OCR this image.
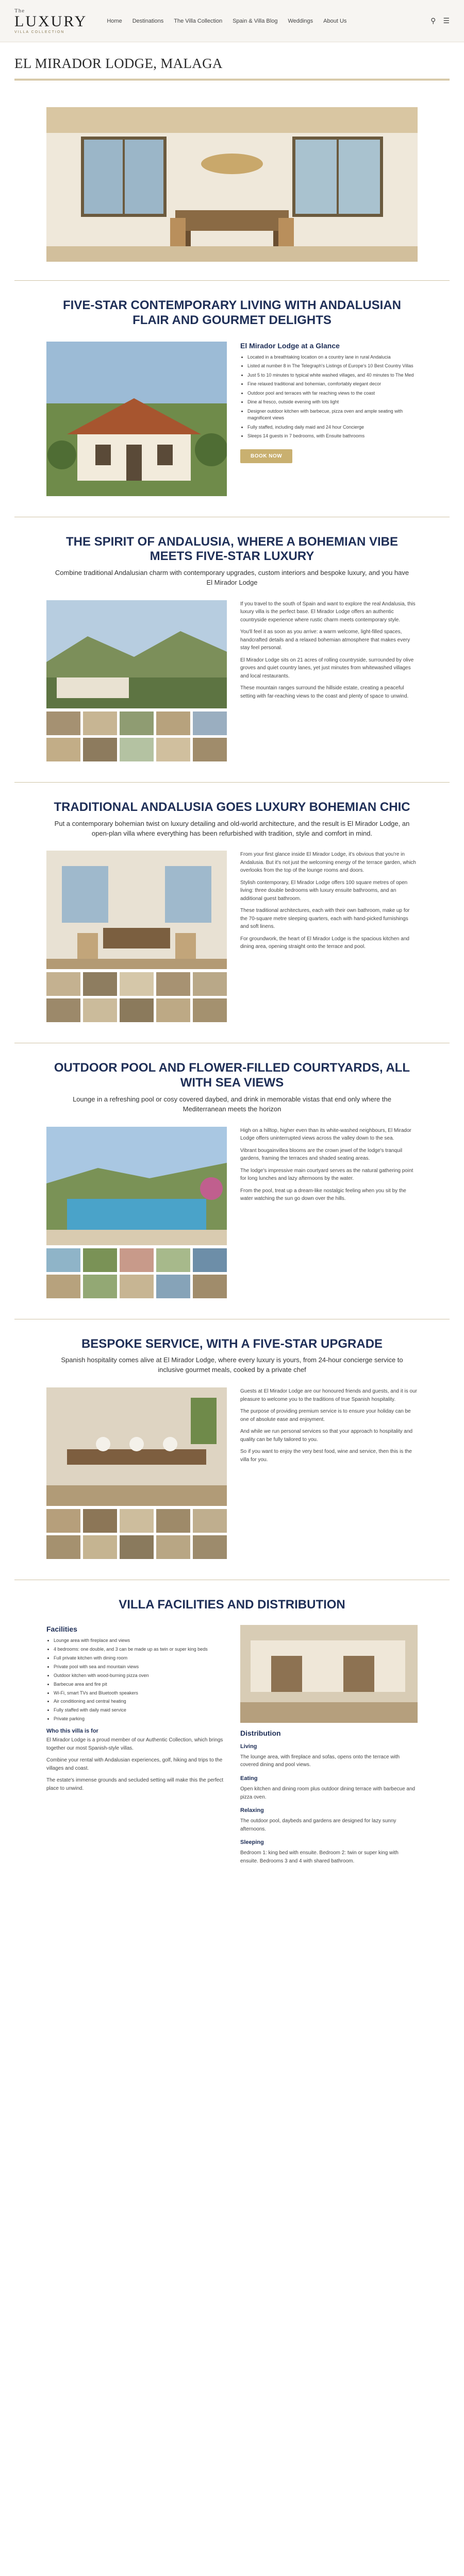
The
LUXURY
VILLA COLLECTION
Home Destinations The Villa Collection Spain & Villa Blog Weddings About Us	⚲ ☰
EL MIRADOR LODGE, MALAGA
FIVE-STAR CONTEMPORARY LIVING WITH ANDALUSIAN FLAIR AND GOURMET DELIGHTS
El Mirador Lodge at a Glance
• Located in a breathtaking location on a country lane in rural Andalucia
• Listed at number 8 in The Telegraph's Listings of Europe's 10 Best Country Villas
• Just 5 to 10 minutes to typical white washed villages, and 40 minutes to The Med
• Fine relaxed traditional and bohemian, comfortably elegant decor
• Outdoor pool and terraces with far reaching views to the coast
• Dine al fresco, outside evening with lots light
• Designer outdoor kitchen with barbecue, pizza oven and ample seating with magnificent views
• Fully staffed, including daily maid and 24 hour Concierge
• Sleeps 14 guests in 7 bedrooms, with Ensuite bathrooms
BOOK NOW
THE SPIRIT OF ANDALUSIA, WHERE A BOHEMIAN VIBE MEETS FIVE-STAR LUXURY
Combine traditional Andalusian charm with contemporary upgrades, custom interiors and bespoke luxury, and you have El Mirador Lodge

If you travel to the south of Spain and want to explore the real Andalusia, this luxury villa is the perfect base. El Mirador Lodge offers an authentic countryside experience where rustic charm meets contemporary style.

You'll feel it as soon as you arrive: a warm welcome, light-filled spaces, handcrafted details and a relaxed bohemian atmosphere that makes every stay feel personal.

El Mirador Lodge sits on 21 acres of rolling countryside, surrounded by olive groves and quiet country lanes, yet just minutes from whitewashed villages and local restaurants.

These mountain ranges surround the hillside estate, creating a peaceful setting with far-reaching views to the coast and plenty of space to unwind.

TRADITIONAL ANDALUSIA GOES LUXURY BOHEMIAN CHIC
Put a contemporary bohemian twist on luxury detailing and old-world architecture, and the result is El Mirador Lodge, an open-plan villa where everything has been refurbished with tradition, style and comfort in mind.

From your first glance inside El Mirador Lodge, it's obvious that you're in Andalusia. But it's not just the welcoming energy of the terrace garden, which overlooks from the top of the lounge rooms and doors.

Stylish contemporary, El Mirador Lodge offers 100 square metres of open living: three double bedrooms with luxury ensuite bathrooms, and an additional guest bathroom.

These traditional architectures, each with their own bathroom, make up for the 70-square metre sleeping quarters, each with hand-picked furnishings and soft linens.

For groundwork, the heart of El Mirador Lodge is the spacious kitchen and dining area, opening straight onto the terrace and pool.

OUTDOOR POOL AND FLOWER-FILLED COURTYARDS, ALL WITH SEA VIEWS
Lounge in a refreshing pool or cosy covered daybed, and drink in memorable vistas that end only where the Mediterranean meets the horizon

High on a hilltop, higher even than its white-washed neighbours, El Mirador Lodge offers uninterrupted views across the valley down to the sea.

Vibrant bougainvillea blooms are the crown jewel of the lodge's tranquil gardens, framing the terraces and shaded seating areas.

The lodge's impressive main courtyard serves as the natural gathering point for long lunches and lazy afternoons by the water.

From the pool, treat up a dream-like nostalgic feeling when you sit by the water watching the sun go down over the hills.

BESPOKE SERVICE, WITH A FIVE-STAR UPGRADE
Spanish hospitality comes alive at El Mirador Lodge, where every luxury is yours, from 24-hour concierge service to inclusive gourmet meals, cooked by a private chef

Guests at El Mirador Lodge are our honoured friends and guests, and it is our pleasure to welcome you to the traditions of true Spanish hospitality.

The purpose of providing premium service is to ensure your holiday can be one of absolute ease and enjoyment.

And while we run personal services so that your approach to hospitality and quality can be fully tailored to you.

So if you want to enjoy the very best food, wine and service, then this is the villa for you.

VILLA FACILITIES AND DISTRIBUTION
Facilities
• Lounge area with fireplace and views
• 4 bedrooms: one double, and 3 can be made up as twin or super king beds
• Full private kitchen with dining room
• Private pool with sea and mountain views
• Outdoor kitchen with wood-burning pizza oven
• Barbecue area and fire pit
• Wi-Fi, smart TVs and Bluetooth speakers
• Air conditioning and central heating
• Fully staffed with daily maid service
• Private parking
Who this villa is for

El Mirador Lodge is a proud member of our Authentic Collection, which brings together our most Spanish-style villas.

Combine your rental with Andalusian experiences, golf, hiking and trips to the villages and coast.

The estate's immense grounds and secluded setting will make this the perfect place to unwind.

Distribution
Living

The lounge area, with fireplace and sofas, opens onto the terrace with covered dining and pool views.

Eating

Open kitchen and dining room plus outdoor dining terrace with barbecue and pizza oven.

Relaxing

The outdoor pool, daybeds and gardens are designed for lazy sunny afternoons.

Sleeping

Bedroom 1: king bed with ensuite. Bedroom 2: twin or super king with ensuite. Bedrooms 3 and 4 with shared bathroom.
